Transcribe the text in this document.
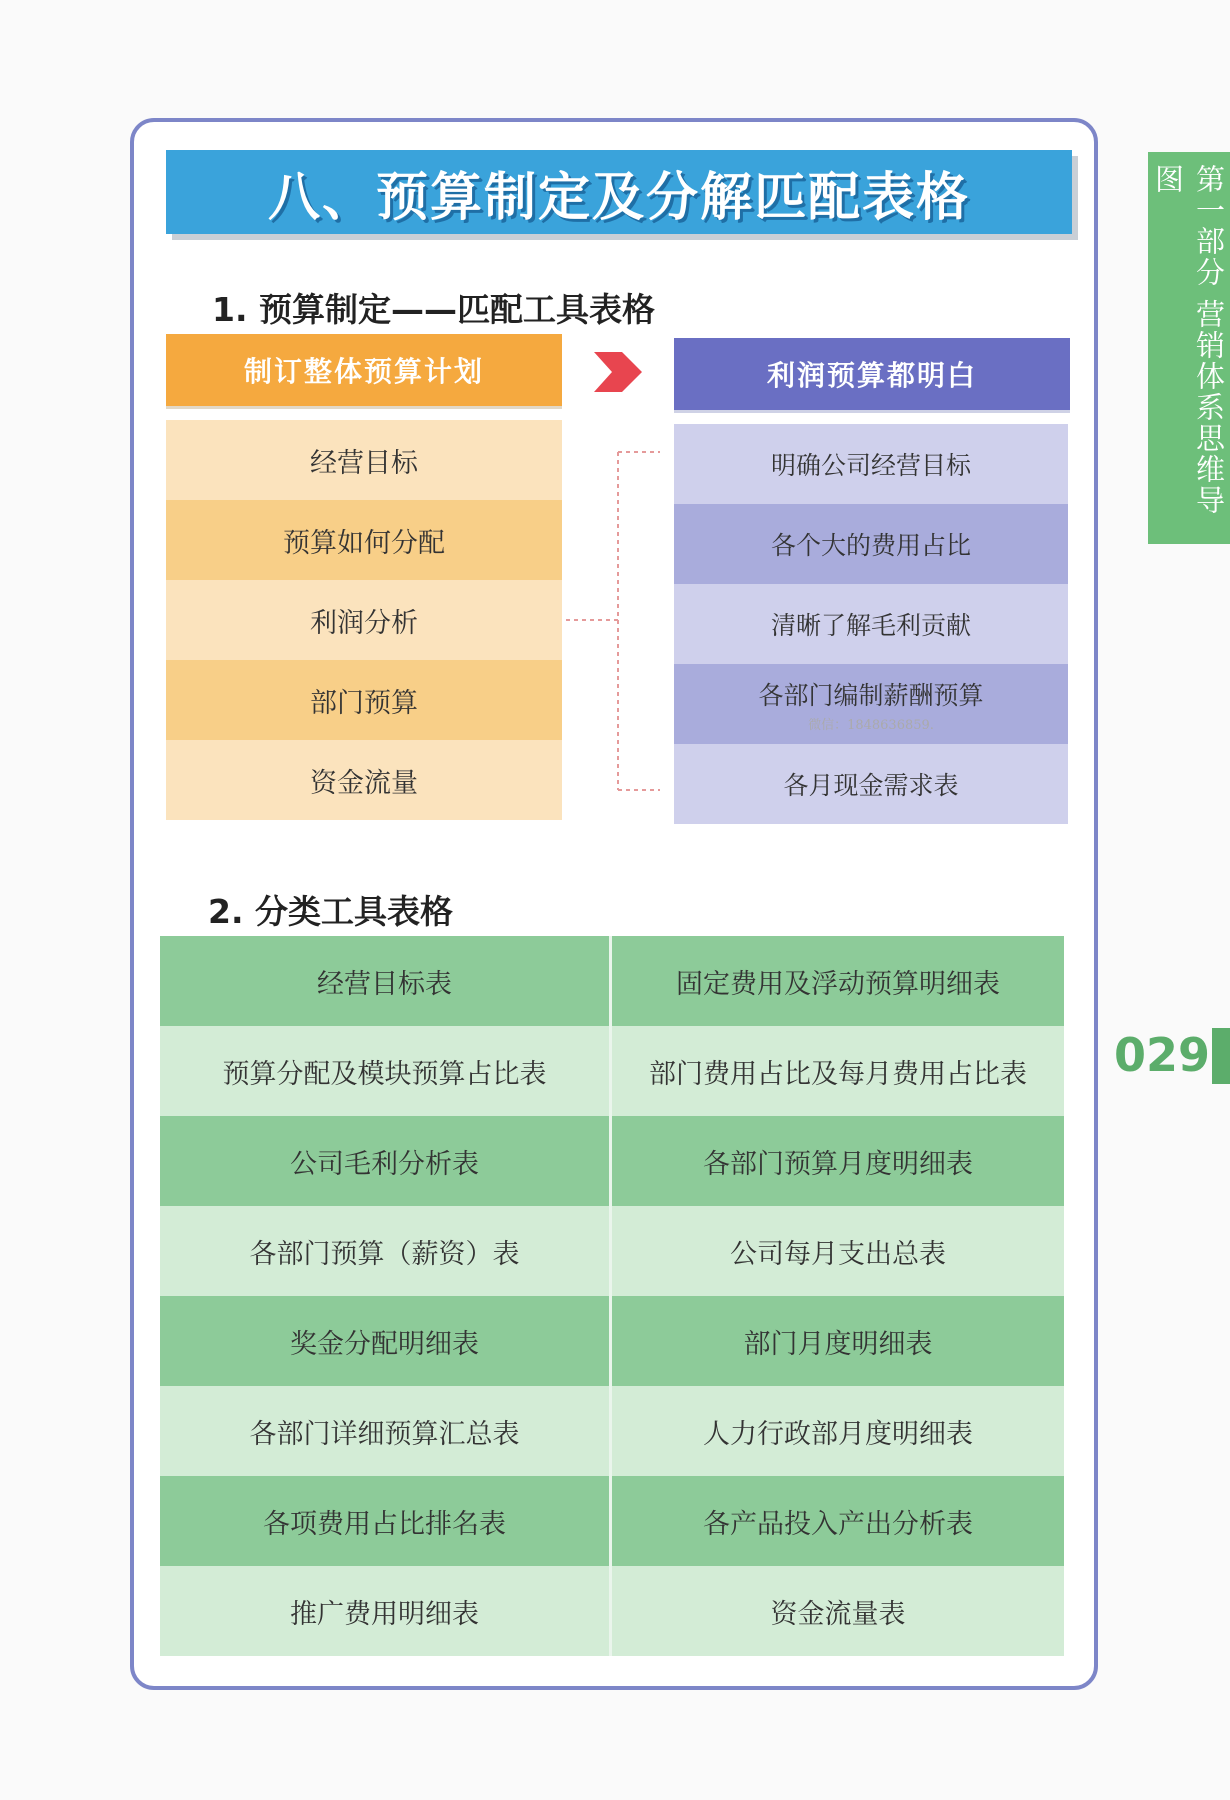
八、预算制定及分解匹配表格	第一部分 营销体系思维导图
029
1. 预算制定——匹配工具表格
制订整体预算计划	利润预算都明白
经营目标
预算如何分配
利润分析
部门预算
资金流量
明确公司经营目标
各个大的费用占比
清晰了解毛利贡献
各部门编制薪酬预算
微信：1848636859.
各月现金需求表
2. 分类工具表格
经营目标表	固定费用及浮动预算明细表
预算分配及模块预算占比表	部门费用占比及每月费用占比表
公司毛利分析表	各部门预算月度明细表
各部门预算（薪资）表	公司每月支出总表
奖金分配明细表	部门月度明细表
各部门详细预算汇总表	人力行政部月度明细表
各项费用占比排名表	各产品投入产出分析表
推广费用明细表	资金流量表
